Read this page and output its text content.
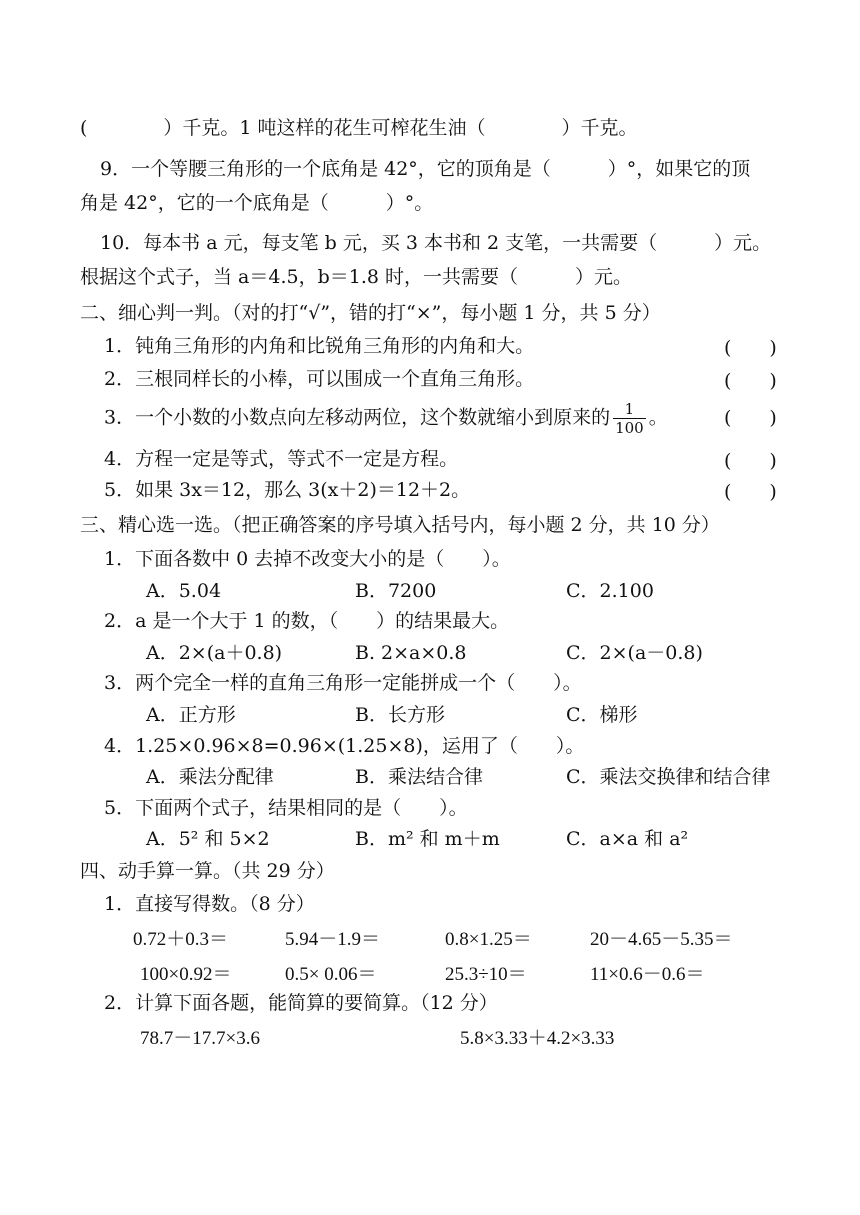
(　　　　）千克。1 吨这样的花生可榨花生油（　　　　）千克。
9．一个等腰三角形的一个底角是 42°，它的顶角是（　　　）°，如果它的顶
角是 42°，它的一个底角是（　　　）°。
10．每本书 a 元，每支笔 b 元，买 3 本书和 2 支笔，一共需要（　　　）元。
根据这个式子，当 a＝4.5，b＝1.8 时，一共需要（　　　）元。
二、细心判一判。（对的打“√”，错的打“×”，每小题 1 分，共 5 分）
1．钝角三角形的内角和比锐角三角形的内角和大。	(　　)
2．三根同样长的小棒，可以围成一个直角三角形。	(　　)
3．一个小数的小数点向左移动两位，这个数就缩小到原来的 $\frac{1}{100}$ 。	(　　)
4．方程一定是等式，等式不一定是方程。	(　　)
5．如果 3x＝12，那么 3(x＋2)＝12＋2。	(　　)
三、精心选一选。（把正确答案的序号填入括号内，每小题 2 分，共 10 分）
1．下面各数中 0 去掉不改变大小的是（　　）。
A．5.04	B．7200	C．2.100
2．a 是一个大于 1 的数，（　　）的结果最大。
A．2×(a＋0.8)	B. 2×a×0.8	C．2×(a－0.8)
3．两个完全一样的直角三角形一定能拼成一个（　　）。
A．正方形	B．长方形	C．梯形
4．1.25×0.96×8=0.96×(1.25×8)，运用了（　　）。
A．乘法分配律	B．乘法结合律	C．乘法交换律和结合律
5．下面两个式子，结果相同的是（　　）。
A．5² 和 5×2	B．m² 和 m＋m	C．a×a 和 a²
四、动手算一算。（共 29 分）
1．直接写得数。（8 分）
0.72＋0.3＝	5.94－1.9＝	0.8×1.25＝	20－4.65－5.35＝
100×0.92＝	0.5× 0.06＝	25.3÷10＝	11×0.6－0.6＝
2．计算下面各题，能简算的要简算。（12 分）
78.7－17.7×3.6	5.8×3.33＋4.2×3.33
